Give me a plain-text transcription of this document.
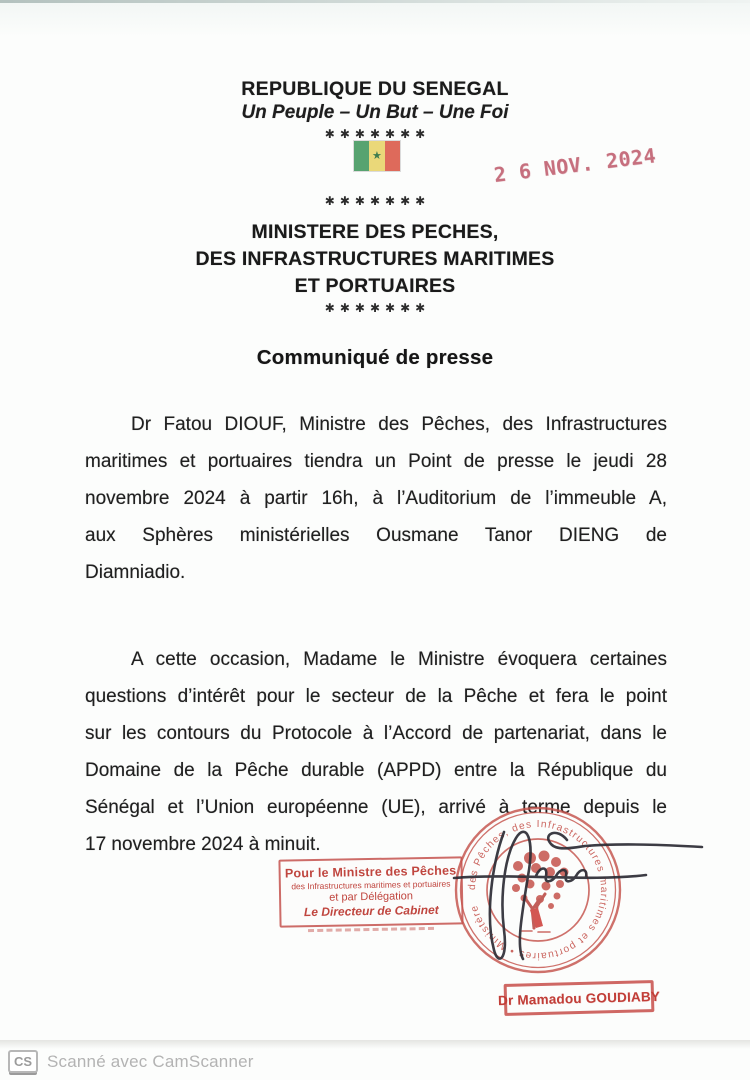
REPUBLIQUE DU SENEGAL
Un Peuple – Un But – Une Foi
✱✱✱✱✱✱✱
★	2 6 NOV. 2024
✱✱✱✱✱✱✱
MINISTERE DES PECHES,
DES INFRASTRUCTURES MARITIMES
ET PORTUAIRES
✱✱✱✱✱✱✱
Communiqué de presse
Dr Fatou DIOUF, Ministre des Pêches, des Infrastructures
maritimes et portuaires tiendra un Point de presse le jeudi 28
novembre 2024 à partir 16h, à l’Auditorium de l’immeuble A,
aux Sphères ministérielles Ousmane Tanor DIENG de
Diamniadio.
A cette occasion, Madame le Ministre évoquera certaines
questions d’intérêt pour le secteur de la Pêche et fera le point
sur les contours du Protocole à l’Accord de partenariat, dans le
Domaine de la Pêche durable (APPD) entre la République du
Sénégal et l’Union européenne (UE), arrivé à terme depuis le
17 novembre 2024 à minuit.
Pour le Ministre des Pêches
des Infrastructures maritimes et portuaires
et par Délégation
Le Directeur de Cabinet
des Pêches, des Infrastructures maritimes et portuaires • Ministère
Dr Mamadou GOUDIABY
CS Scanné avec CamScanner
